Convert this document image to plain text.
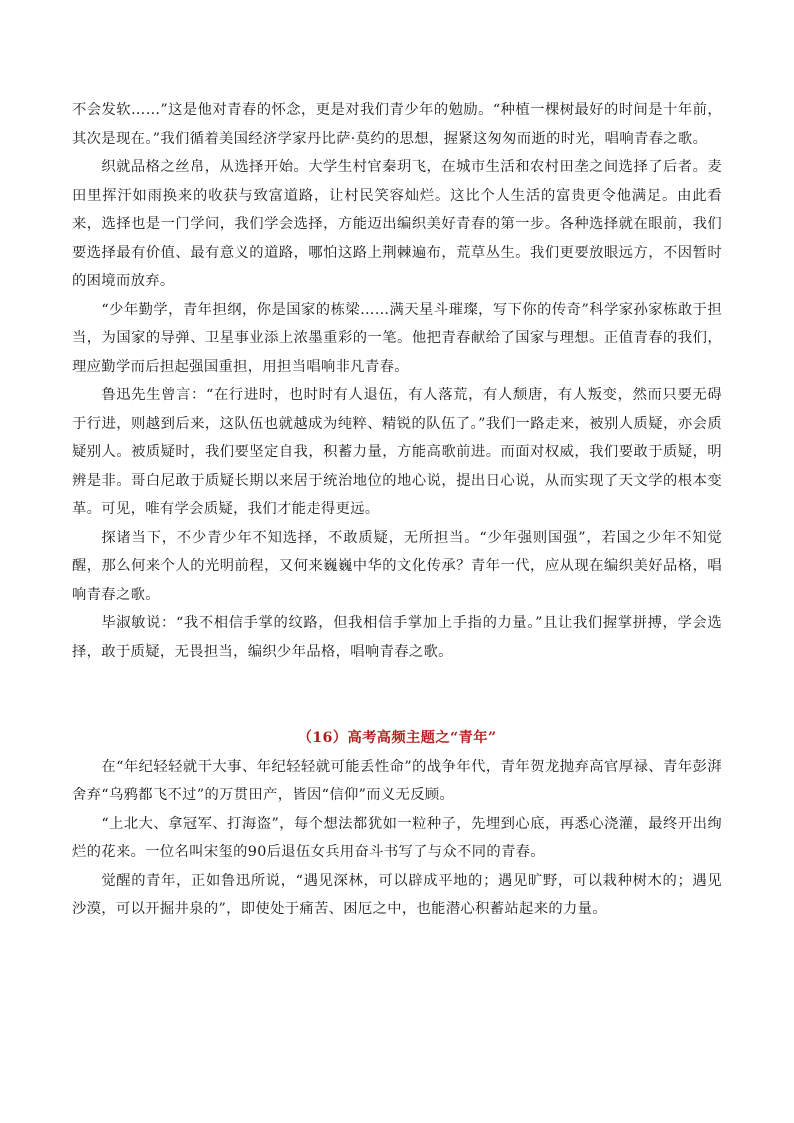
不会发软……”这是他对青春的怀念，更是对我们青少年的勉励。“种植一棵树最好的时间是十年前，其次是现在。”我们循着美国经济学家丹比萨·莫约的思想，握紧这匆匆而逝的时光，唱响青春之歌。

织就品格之丝帛，从选择开始。大学生村官秦玥飞，在城市生活和农村田垄之间选择了后者。麦田里挥汗如雨换来的收获与致富道路，让村民笑容灿烂。这比个人生活的富贵更令他满足。由此看来，选择也是一门学问，我们学会选择，方能迈出编织美好青春的第一步。各种选择就在眼前，我们要选择最有价值、最有意义的道路，哪怕这路上荆棘遍布，荒草丛生。我们更要放眼远方，不因暂时的困境而放弃。

“少年勤学，青年担纲，你是国家的栋梁……满天星斗璀璨，写下你的传奇”科学家孙家栋敢于担当，为国家的导弹、卫星事业添上浓墨重彩的一笔。他把青春献给了国家与理想。正值青春的我们，理应勤学而后担起强国重担，用担当唱响非凡青春。

鲁迅先生曾言：“在行进时，也时时有人退伍，有人落荒，有人颓唐，有人叛变，然而只要无碍于行进，则越到后来，这队伍也就越成为纯粹、精锐的队伍了。”我们一路走来，被别人质疑，亦会质疑别人。被质疑时，我们要坚定自我，积蓄力量，方能高歌前进。而面对权威，我们要敢于质疑，明辨是非。哥白尼敢于质疑长期以来居于统治地位的地心说，提出日心说，从而实现了天文学的根本变革。可见，唯有学会质疑，我们才能走得更远。

探诸当下，不少青少年不知选择，不敢质疑，无所担当。“少年强则国强”，若国之少年不知觉醒，那么何来个人的光明前程，又何来巍巍中华的文化传承？青年一代，应从现在编织美好品格，唱响青春之歌。

毕淑敏说：“我不相信手掌的纹路，但我相信手掌加上手指的力量。”且让我们握掌拼搏，学会选择，敢于质疑，无畏担当，编织少年品格，唱响青春之歌。

（16）高考高频主题之“青年”

在“年纪轻轻就干大事、年纪轻轻就可能丢性命”的战争年代，青年贺龙抛弃高官厚禄、青年彭湃舍弃“乌鸦都飞不过”的万贯田产，皆因“信仰”而义无反顾。

“上北大、拿冠军、打海盗”，每个想法都犹如一粒种子，先埋到心底，再悉心浇灌，最终开出绚烂的花来。一位名叫宋玺的90后退伍女兵用奋斗书写了与众不同的青春。

觉醒的青年，正如鲁迅所说，“遇见深林，可以辟成平地的；遇见旷野，可以栽种树木的；遇见沙漠，可以开掘井泉的”，即使处于痛苦、困厄之中，也能潜心积蓄站起来的力量。
